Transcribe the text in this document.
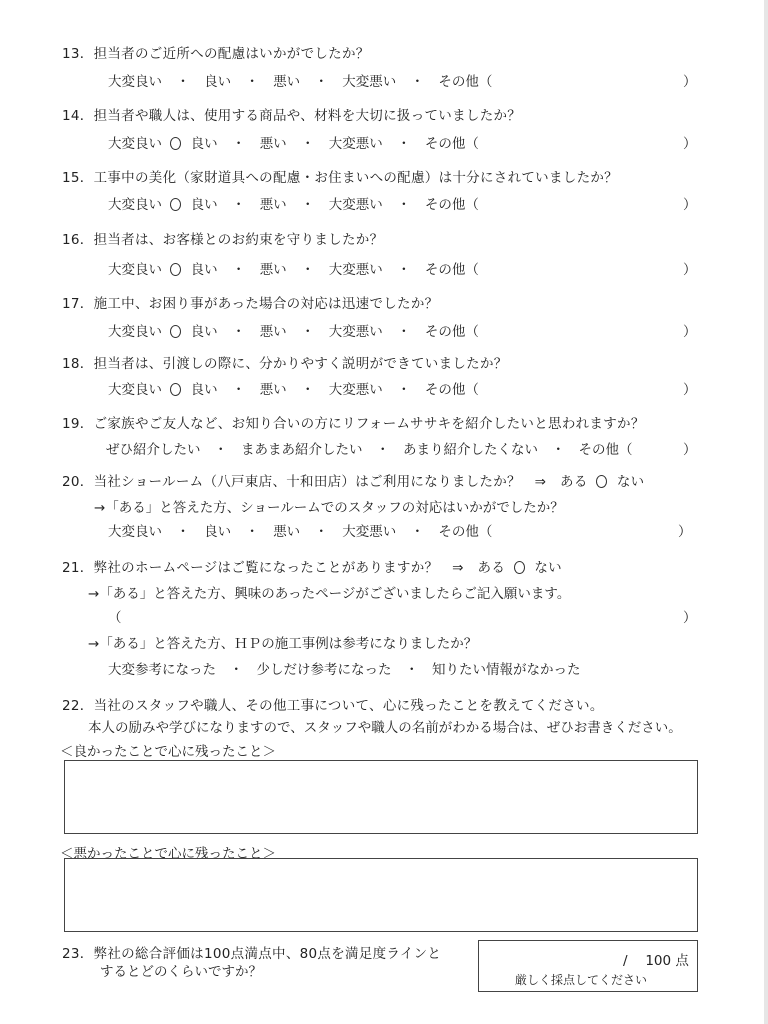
13．担当者のご近所への配慮はいかがでしたか？
大変良い ・ 良い ・ 悪い ・ 大変悪い ・ その他（	）
14．担当者や職人は、使用する商品や、材料を大切に扱っていましたか？
大変良い 良い ・ 悪い ・ 大変悪い ・ その他（	）
15．工事中の美化（家財道具への配慮・お住まいへの配慮）は十分にされていましたか？
大変良い 良い ・ 悪い ・ 大変悪い ・ その他（	）
16．担当者は、お客様とのお約束を守りましたか？
大変良い 良い ・ 悪い ・ 大変悪い ・ その他（	）
17．施工中、お困り事があった場合の対応は迅速でしたか？
大変良い 良い ・ 悪い ・ 大変悪い ・ その他（	）
18．担当者は、引渡しの際に、分かりやすく説明ができていましたか？
大変良い 良い ・ 悪い ・ 大変悪い ・ その他（	）
19．ご家族やご友人など、お知り合いの方にリフォームササキを紹介したいと思われますか？
ぜひ紹介したい　・　まあまあ紹介したい　・　あまり紹介したくない　・　その他（	）
20．当社ショールーム（八戸東店、十和田店）はご利用になりましたか？　⇒　ある ない
→「ある」と答えた方、ショールームでのスタッフの対応はいかがでしたか？
大変良い ・ 良い ・ 悪い ・ 大変悪い ・ その他（	）
21．弊社のホームページはご覧になったことがありますか？　⇒　ある ない
→「ある」と答えた方、興味のあったページがございましたらご記入願います。
（	）
→「ある」と答えた方、ＨＰの施工事例は参考になりましたか？
大変参考になった　・　少しだけ参考になった　・　知りたい情報がなかった
22．当社のスタッフや職人、その他工事について、心に残ったことを教えてください。
本人の励みや学びになりますので、スタッフや職人の名前がわかる場合は、ぜひお書きください。
＜良かったことで心に残ったこと＞
＜悪かったことで心に残ったこと＞
23．弊社の総合評価は100点満点中、80点を満足度ラインと
するとどのくらいですか？
/　 100 点
厳しく採点してください
